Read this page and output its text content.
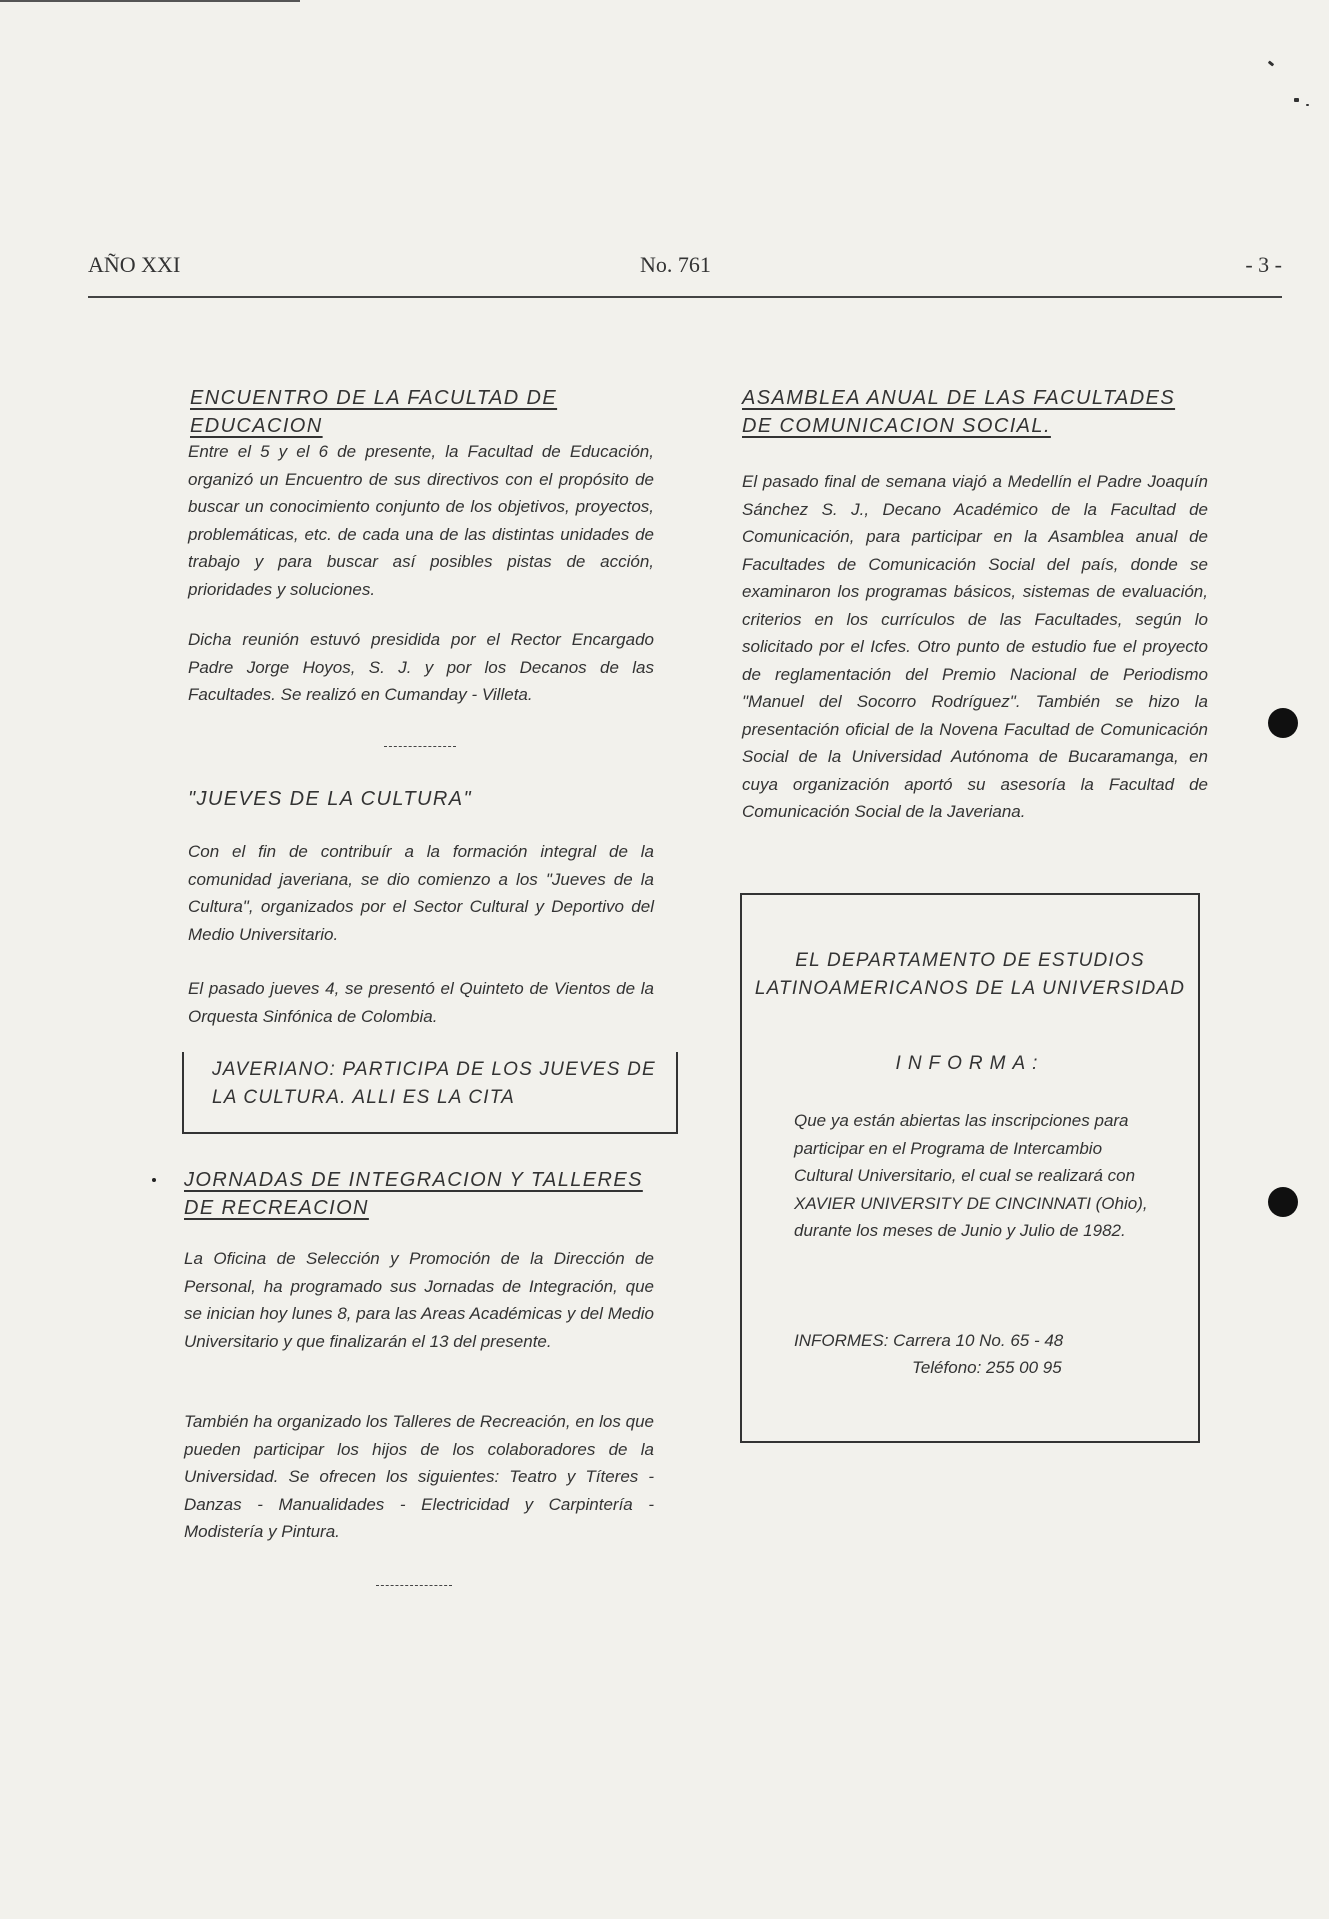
AÑO XXI	No. 761	- 3 -
ENCUENTRO DE LA FACULTAD DE EDUCACION

Entre el 5 y el 6 de presente, la Facultad de Educación, organizó un Encuentro de sus directivos con el propósito de buscar un conocimiento conjunto de los objetivos, proyectos, problemáticas, etc. de cada una de las distintas unidades de trabajo y para buscar así posibles pistas de acción, prioridades y soluciones.

Dicha reunión estuvó presidida por el Rector Encargado Padre Jorge Hoyos, S. J. y por los Decanos de las Facultades. Se realizó en Cumanday - Villeta.

"JUEVES DE LA CULTURA"

Con el fin de contribuír a la formación integral de la comunidad javeriana, se dio comienzo a los "Jueves de la Cultura", organizados por el Sector Cultural y Deportivo del Medio Universitario.

El pasado jueves 4, se presentó el Quinteto de Vientos de la Orquesta Sinfónica de Colombia.

JAVERIANO: PARTICIPA DE LOS JUEVES DE LA CULTURA. ALLI ES LA CITA
JORNADAS DE INTEGRACION Y TALLERES DE RECREACION

La Oficina de Selección y Promoción de la Dirección de Personal, ha programado sus Jornadas de Integración, que se inician hoy lunes 8, para las Areas Académicas y del Medio Universitario y que finalizarán el 13 del presente.

También ha organizado los Talleres de Recreación, en los que pueden participar los hijos de los colaboradores de la Universidad. Se ofrecen los siguientes: Teatro y Títeres - Danzas - Manualidades - Electricidad y Carpintería - Modistería y Pintura.

ASAMBLEA ANUAL DE LAS FACULTADES DE COMUNICACION SOCIAL.

El pasado final de semana viajó a Medellín el Padre Joaquín Sánchez S. J., Decano Académico de la Facultad de Comunicación, para participar en la Asamblea anual de Facultades de Comunicación Social del país, donde se examinaron los programas básicos, sistemas de evaluación, criterios en los currículos de las Facultades, según lo solicitado por el Icfes. Otro punto de estudio fue el proyecto de reglamentación del Premio Nacional de Periodismo "Manuel del Socorro Rodríguez". También se hizo la presentación oficial de la Novena Facultad de Comunicación Social de la Universidad Autónoma de Bucaramanga, en cuya organización aportó su asesoría la Facultad de Comunicación Social de la Javeriana.

EL DEPARTAMENTO DE ESTUDIOS LATINOAMERICANOS DE LA UNIVERSIDAD
INFORMA:
Que ya están abiertas las inscripciones para participar en el Programa de Intercambio Cultural Universitario, el cual se realizará con XAVIER UNIVERSITY DE CINCINNATI (Ohio), durante los meses de Junio y Julio de 1982.
INFORMES: Carrera 10 No. 65 - 48
Teléfono: 255 00 95
